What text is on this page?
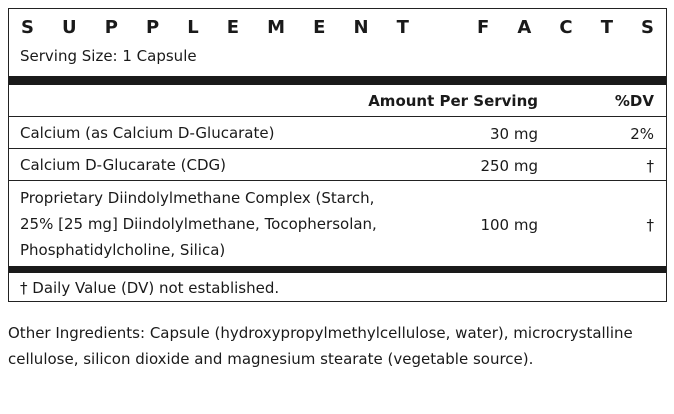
S U P P L E M E N T	F A C T S
Serving Size: 1 Capsule
Amount Per Serving	%DV
Calcium (as Calcium D-Glucarate)	30 mg	2%
Calcium D-Glucarate (CDG)	250 mg	†
Proprietary Diindolylmethane Complex (Starch,
25% [25 mg] Diindolylmethane, Tocophersolan,
Phosphatidylcholine, Silica)
100 mg	†
† Daily Value (DV) not established.
Other Ingredients: Capsule (hydroxypropylmethylcellulose, water), microcrystalline cellulose, silicon dioxide and magnesium stearate (vegetable source).
